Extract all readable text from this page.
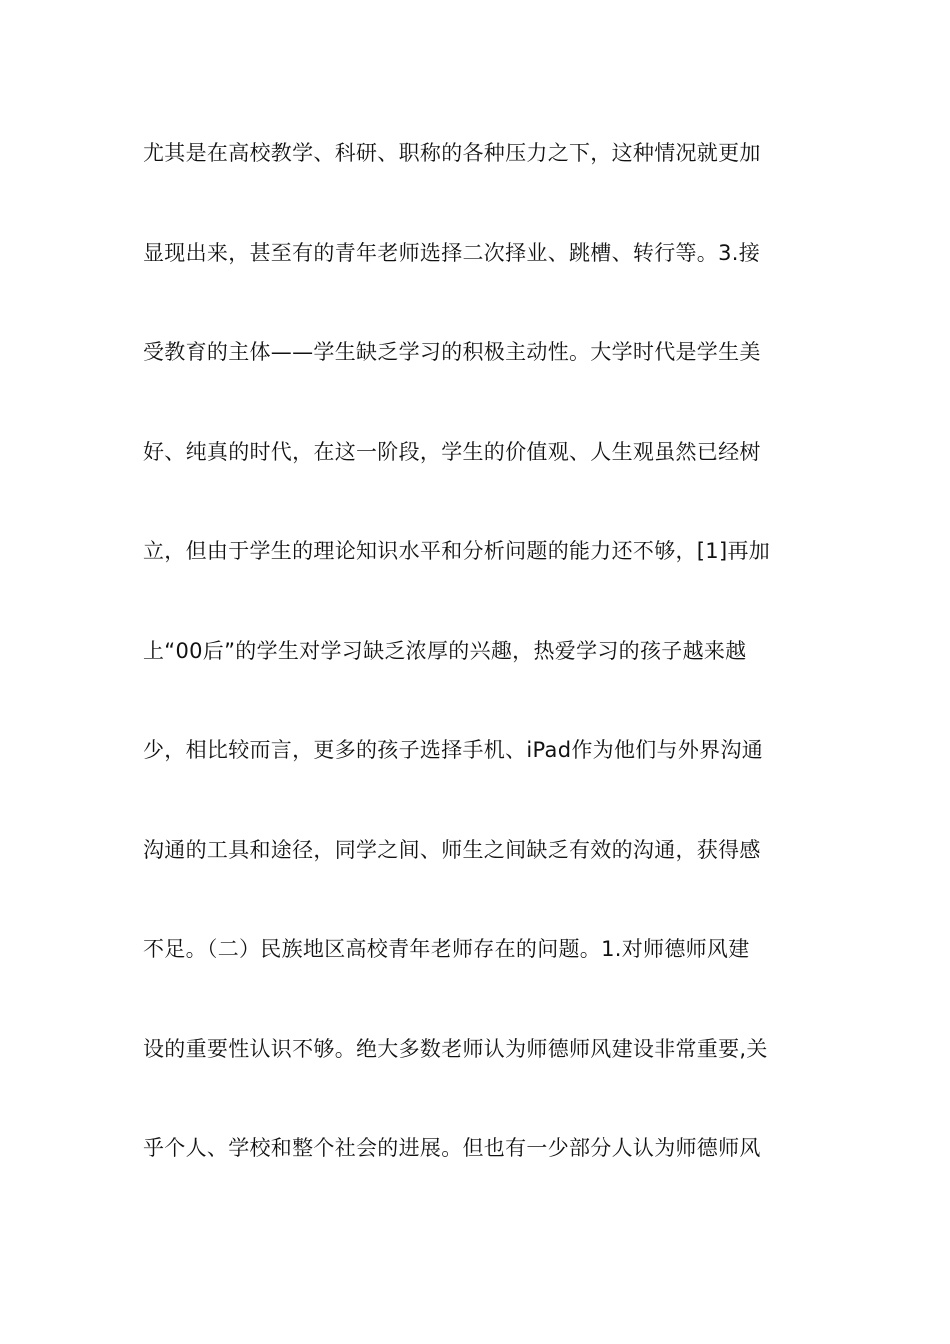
尤其是在高校教学、科研、职称的各种压力之下，这种情况就更加
显现出来，甚至有的青年老师选择二次择业、跳槽、转行等。3.接
受教育的主体——学生缺乏学习的积极主动性。大学时代是学生美
好、纯真的时代，在这一阶段，学生的价值观、人生观虽然已经树
立，但由于学生的理论知识水平和分析问题的能力还不够，[1]再加
上“00后”的学生对学习缺乏浓厚的兴趣，热爱学习的孩子越来越
少，相比较而言，更多的孩子选择手机、iPad作为他们与外界沟通
沟通的工具和途径，同学之间、师生之间缺乏有效的沟通，获得感
不足。（二）民族地区高校青年老师存在的问题。1.对师德师风建
设的重要性认识不够。绝大多数老师认为师德师风建设非常重要,关
乎个人、学校和整个社会的进展。但也有一少部分人认为师德师风
